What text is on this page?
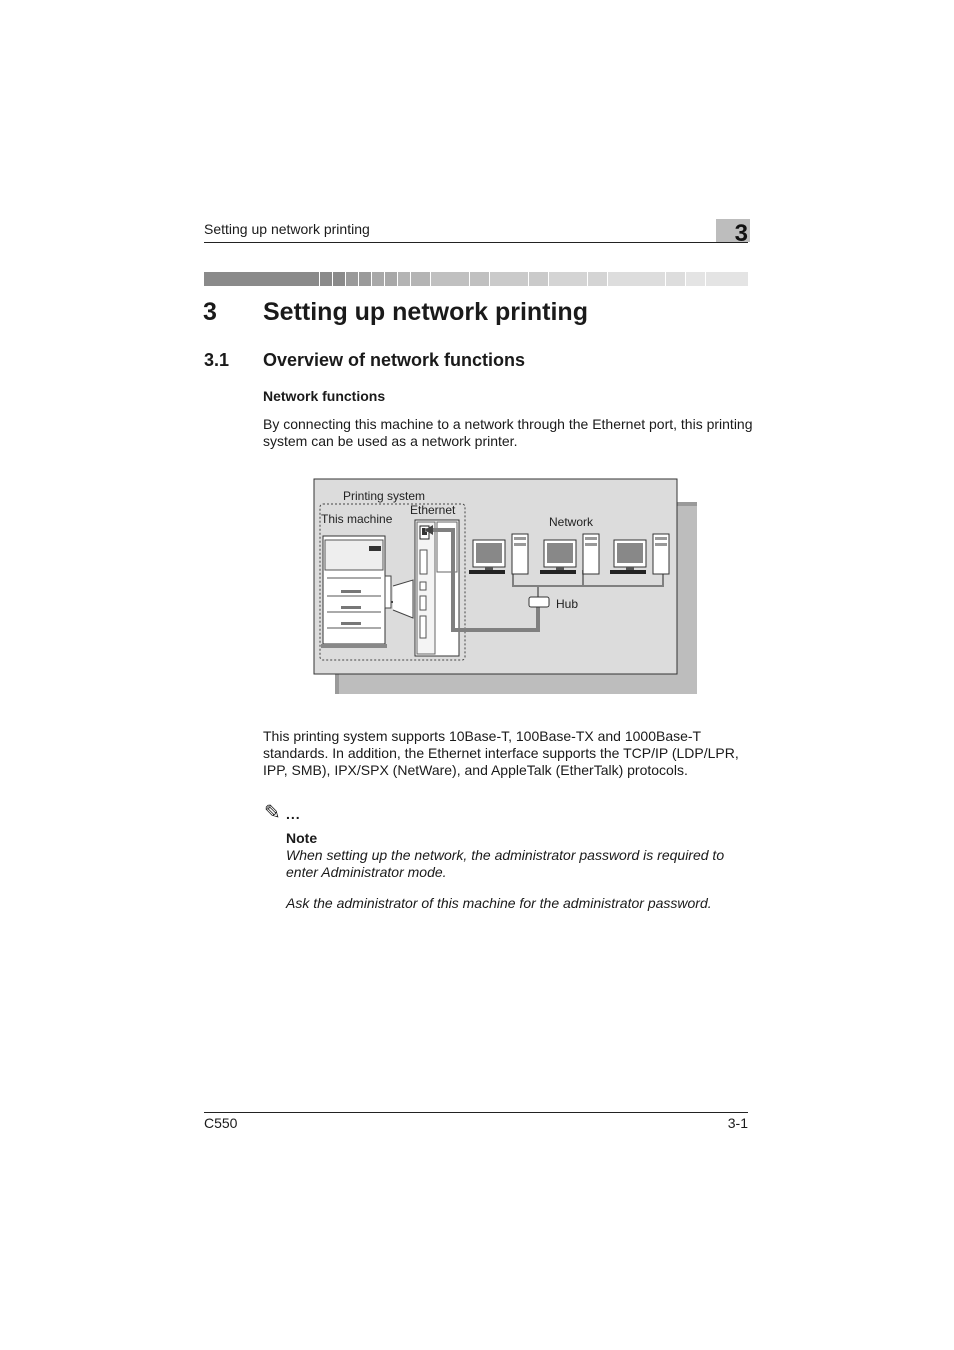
Setting up network printing	3
3 Setting up network printing
3.1 Overview of network functions
Network functions

By connecting this machine to a network through the Ethernet port, this printing system can be used as a network printer.

Printing system
Ethernet
This machine	Network
Hub

This printing system supports 10Base-T, 100Base-TX and 1000Base-T standards. In addition, the Ethernet interface supports the TCP/IP (LDP/LPR, IPP, SMB), IPX/SPX (NetWare), and AppleTalk (EtherTalk) protocols.

✎ ...
Note

When setting up the network, the administrator password is required to enter Administrator mode.

Ask the administrator of this machine for the administrator password.

C550	3-1
